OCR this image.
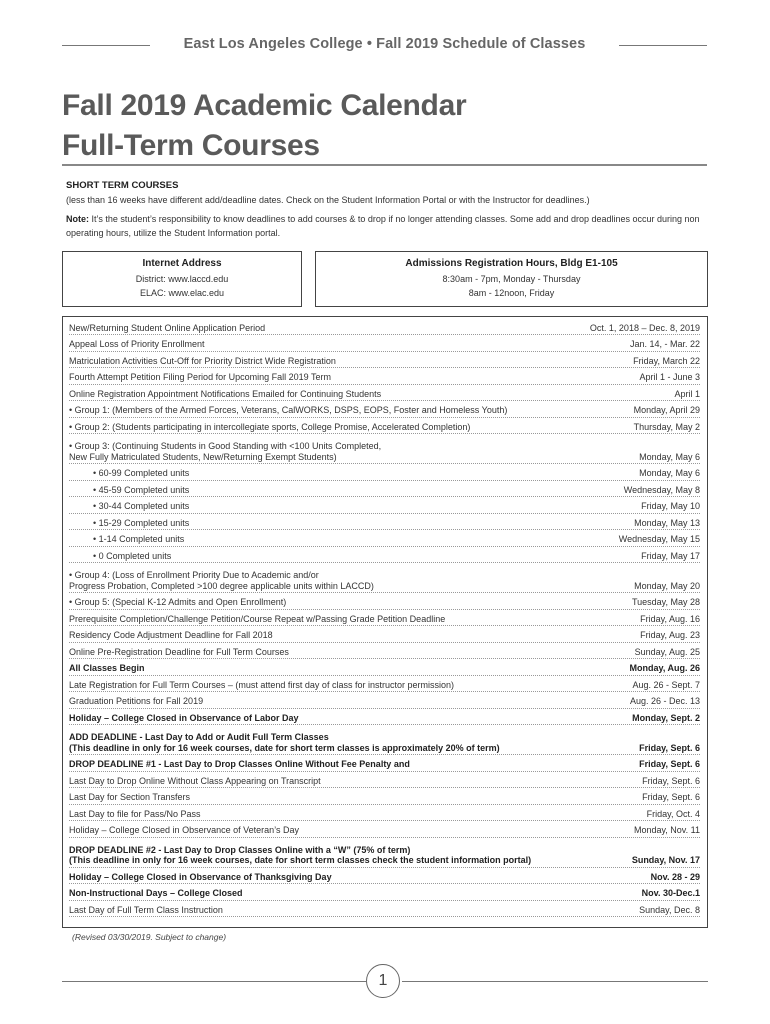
East Los Angeles College • Fall 2019 Schedule of Classes
Fall 2019 Academic Calendar
Full-Term Courses
SHORT TERM COURSES
(less than 16 weeks have different add/deadline dates. Check on the Student Information Portal or with the Instructor for deadlines.)
Note: It’s the student’s responsibility to know deadlines to add courses & to drop if no longer attending classes. Some add and drop deadlines occur during non operating hours, utilize the Student Information portal.
Internet Address
District: www.laccd.edu
ELAC: www.elac.edu
Admissions Registration Hours, Bldg E1-105
8:30am - 7pm, Monday - Thursday
8am - 12noon, Friday
New/Returning Student Online Application Period	Oct. 1, 2018 – Dec. 8, 2019
Appeal Loss of Priority Enrollment	Jan. 14, - Mar. 22
Matriculation Activities Cut-Off for Priority District Wide Registration	Friday, March 22
Fourth Attempt Petition Filing Period for Upcoming Fall 2019 Term	April 1 - June 3
Online Registration Appointment Notifications Emailed for Continuing Students	April 1
• Group 1: (Members of the Armed Forces, Veterans, CalWORKS, DSPS, EOPS, Foster and Homeless Youth)	Monday, April 29
• Group 2: (Students participating in intercollegiate sports, College Promise, Accelerated Completion)	Thursday, May 2
• Group 3: (Continuing Students in Good Standing with <100 Units Completed,
New Fully Matriculated Students, New/Returning Exempt Students)	Monday, May 6
• 60-99 Completed units	Monday, May 6
• 45-59 Completed units	Wednesday, May 8
• 30-44 Completed units	Friday, May 10
• 15-29 Completed units	Monday, May 13
• 1-14 Completed units	Wednesday, May 15
• 0 Completed units	Friday, May 17
• Group 4: (Loss of Enrollment Priority Due to Academic and/or
Progress Probation, Completed >100 degree applicable units within LACCD)	Monday, May 20
• Group 5: (Special K-12 Admits and Open Enrollment)	Tuesday, May 28
Prerequisite Completion/Challenge Petition/Course Repeat w/Passing Grade Petition Deadline	Friday, Aug. 16
Residency Code Adjustment Deadline for Fall 2018	Friday, Aug. 23
Online Pre-Registration Deadline for Full Term Courses	Sunday, Aug. 25
All Classes Begin	Monday, Aug. 26
Late Registration for Full Term Courses – (must attend first day of class for instructor permission)	Aug. 26 - Sept. 7
Graduation Petitions for Fall 2019	Aug. 26 - Dec. 13
Holiday – College Closed in Observance of Labor Day	Monday, Sept. 2
ADD DEADLINE - Last Day to Add or Audit Full Term Classes
(This deadline in only for 16 week courses, date for short term classes is approximately 20% of term)	Friday, Sept. 6
DROP DEADLINE #1 - Last Day to Drop Classes Online Without Fee Penalty and	Friday, Sept. 6
Last Day to Drop Online Without Class Appearing on Transcript	Friday, Sept. 6
Last Day for Section Transfers	Friday, Sept. 6
Last Day to file for Pass/No Pass	Friday, Oct. 4
Holiday – College Closed in Observance of Veteran’s Day	Monday, Nov. 11
DROP DEADLINE #2 - Last Day to Drop Classes Online with a “W” (75% of term)
(This deadline in only for 16 week courses, date for short term classes check the student information portal)	Sunday, Nov. 17
Holiday – College Closed in Observance of Thanksgiving Day	Nov. 28 - 29
Non-Instructional Days – College Closed	Nov. 30-Dec.1
Last Day of Full Term Class Instruction	Sunday, Dec. 8
(Revised 03/30/2019. Subject to change)
1
